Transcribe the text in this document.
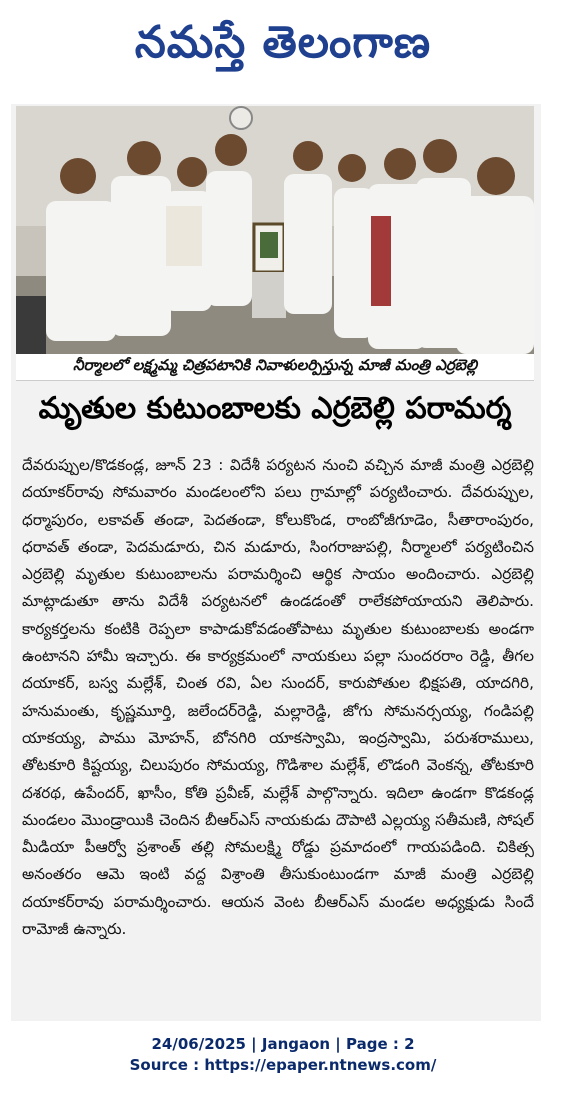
నమస్తే తెలంగాణ
నీర్మాలలో లక్ష్మమ్మ చిత్రపటానికి నివాళులర్పిస్తున్న మాజీ మంత్రి ఎర్రబెల్లి
మృతుల కుటుంబాలకు ఎర్రబెల్లి పరామర్శ
దేవరుప్పుల/కొడకండ్ల, జూన్ 23 : విదేశీ పర్యటన నుంచి వచ్చిన మాజీ మంత్రి ఎర్రబెల్లి దయాకర్‌రావు సోమవారం మండలంలోని పలు గ్రామాల్లో పర్యటించారు. దేవరుప్పుల, ధర్మాపురం, లకావత్ తండా, పెదతండా, కోలుకొండ, రాంబోజీగూడెం, సీతారాంపురం, ధరావత్ తండా, పెదమడూరు, చిన మడూరు, సింగరాజుపల్లి, నీర్మాలలో పర్యటించిన ఎర్రబెల్లి మృతుల కుటుంబాలను పరామర్శించి ఆర్థిక సాయం అందించారు. ఎర్రబెల్లి మాట్లాడుతూ తాను విదేశీ పర్యటనలో ఉండడంతో రాలేకపోయాయని తెలిపారు. కార్యకర్తలను కంటికి రెప్పలా కాపాడుకోవడంతోపాటు మృతుల కుటుంబాలకు అండగా ఉంటానని హామీ ఇచ్చారు. ఈ కార్యక్రమంలో నాయకులు పల్లా సుందరరాం రెడ్డి, తీగల దయాకర్, బస్వ మల్లేశ్, చింత రవి, ఏల సుందర్, కారుపోతుల భిక్షపతి, యాదగిరి, హనుమంతు, కృష్ణమూర్తి, జలేందర్‌రెడ్డి, మల్లారెడ్డి, జోగు సోమనర్సయ్య, గండిపల్లి యాకయ్య, పాము మోహన్, బోనగిరి యాకస్వామి, ఇంద్రస్వామి, పరుశరాములు, తోటకూరి కిష్టయ్య, చిలుపురం సోమయ్య, గొడిశాల మల్లేశ్, లొడంగి వెంకన్న, తోటకూరి దశరథ, ఉపేందర్, ఖాసీం, కోతి ప్రవీణ్, మల్లేశ్ పాల్గొన్నారు. ఇదిలా ఉండగా కొడకండ్ల మండలం మొండ్రాయికి చెందిన బీఆర్ఎస్ నాయకుడు దౌపాటి ఎల్లయ్య సతీమణి, సోషల్ మీడియా పీఆర్వో ప్రశాంత్ తల్లి సోమలక్ష్మి రోడ్డు ప్రమాదంలో గాయపడింది. చికిత్స అనంతరం ఆమె ఇంటి వద్ద విశ్రాంతి తీసుకుంటుండగా మాజీ మంత్రి ఎర్రబెల్లి దయాకర్‌రావు పరామర్శించారు. ఆయన వెంట బీఆర్ఎస్ మండల అధ్యక్షుడు సిందే రామోజీ ఉన్నారు.
24/06/2025 | Jangaon | Page : 2
Source : https://epaper.ntnews.com/
